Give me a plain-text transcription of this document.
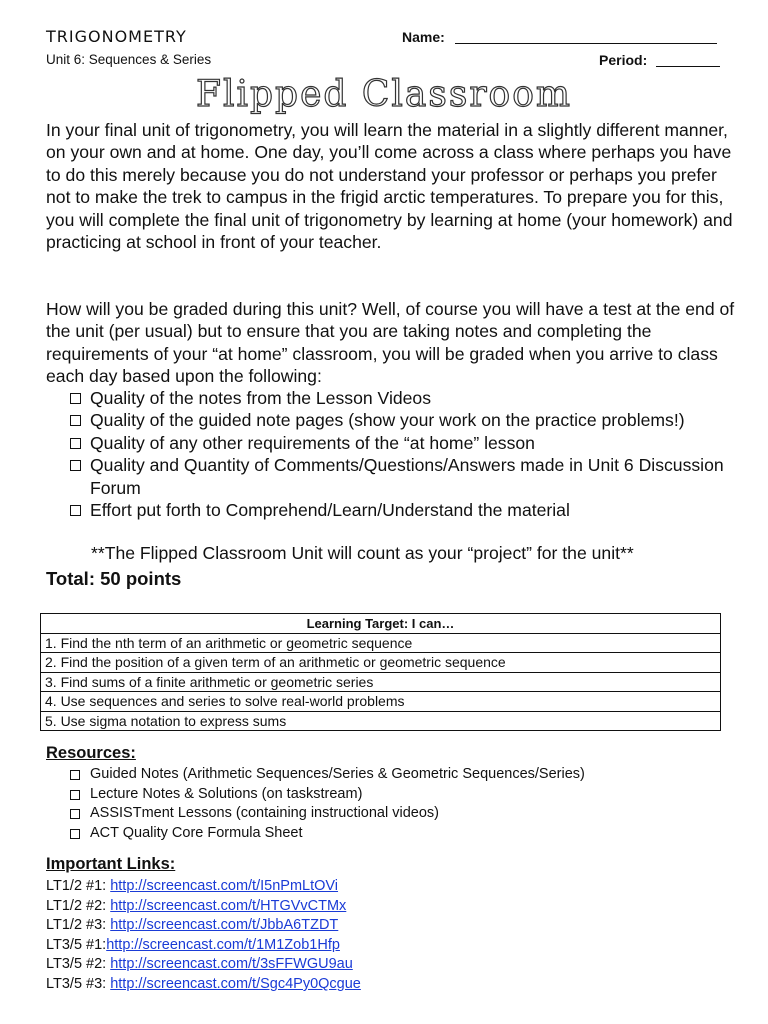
TRIGONOMETRY	Name:
Unit 6: Sequences & Series	Period:
Flipped Classroom

In your final unit of trigonometry, you will learn the material in a slightly different manner, on your own and at home. One day, you’ll come across a class where perhaps you have to do this merely because you do not understand your professor or perhaps you prefer not to make the trek to campus in the frigid arctic temperatures. To prepare you for this, you will complete the final unit of trigonometry by learning at home (your homework) and practicing at school in front of your teacher.

How will you be graded during this unit? Well, of course you will have a test at the end of the unit (per usual) but to ensure that you are taking notes and completing the requirements of your “at home” classroom, you will be graded when you arrive to class each day based upon the following:

Quality of the notes from the Lesson Videos
Quality of the guided note pages (show your work on the practice problems!)
Quality of any other requirements of the “at home” lesson
Quality and Quantity of Comments/Questions/Answers made in Unit 6 Discussion Forum
Effort put forth to Comprehend/Learn/Understand the material
**The Flipped Classroom Unit will count as your “project” for the unit**
Total: 50 points
Learning Target: I can…
1. Find the nth term of an arithmetic or geometric sequence
2. Find the position of a given term of an arithmetic or geometric sequence
3. Find sums of a finite arithmetic or geometric series
4. Use sequences and series to solve real-world problems
5. Use sigma notation to express sums
Resources:
Guided Notes (Arithmetic Sequences/Series & Geometric Sequences/Series)
Lecture Notes & Solutions (on taskstream)
ASSISTment Lessons (containing instructional videos)
ACT Quality Core Formula Sheet
Important Links:
LT1/2 #1: http://screencast.com/t/I5nPmLtOVi
LT1/2 #2: http://screencast.com/t/HTGVvCTMx
LT1/2 #3: http://screencast.com/t/JbbA6TZDT
LT3/5 #1:http://screencast.com/t/1M1Zob1Hfp
LT3/5 #2: http://screencast.com/t/3sFFWGU9au
LT3/5 #3: http://screencast.com/t/Sgc4Py0Qcgue
